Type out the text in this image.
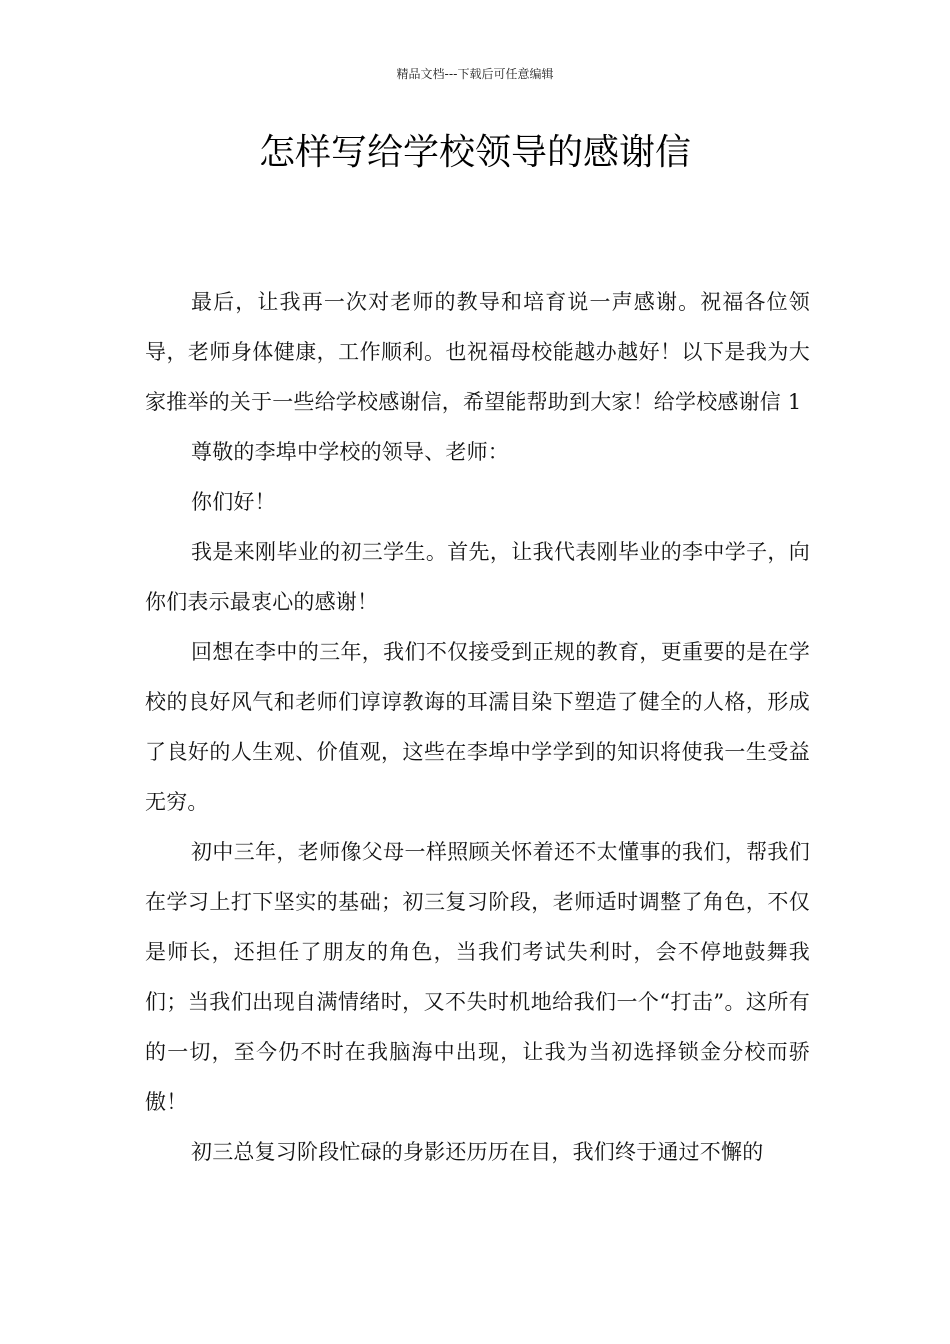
精品文档---下载后可任意编辑
怎样写给学校领导的感谢信

最后，让我再一次对老师的教导和培育说一声感谢。祝福各位领导，老师身体健康，工作顺利。也祝福母校能越办越好！以下是我为大家推举的关于一些给学校感谢信，希望能帮助到大家！给学校感谢信 1

尊敬的李埠中学校的领导、老师：

你们好！

我是来刚毕业的初三学生。首先，让我代表刚毕业的李中学子，向你们表示最衷心的感谢！

回想在李中的三年，我们不仅接受到正规的教育，更重要的是在学校的良好风气和老师们谆谆教诲的耳濡目染下塑造了健全的人格，形成了良好的人生观、价值观，这些在李埠中学学到的知识将使我一生受益无穷。

初中三年，老师像父母一样照顾关怀着还不太懂事的我们，帮我们在学习上打下坚实的基础；初三复习阶段，老师适时调整了角色，不仅是师长，还担任了朋友的角色，当我们考试失利时，会不停地鼓舞我们；当我们出现自满情绪时，又不失时机地给我们一个“打击”。这所有的一切，至今仍不时在我脑海中出现，让我为当初选择锁金分校而骄傲！

初三总复习阶段忙碌的身影还历历在目，我们终于通过不懈的
